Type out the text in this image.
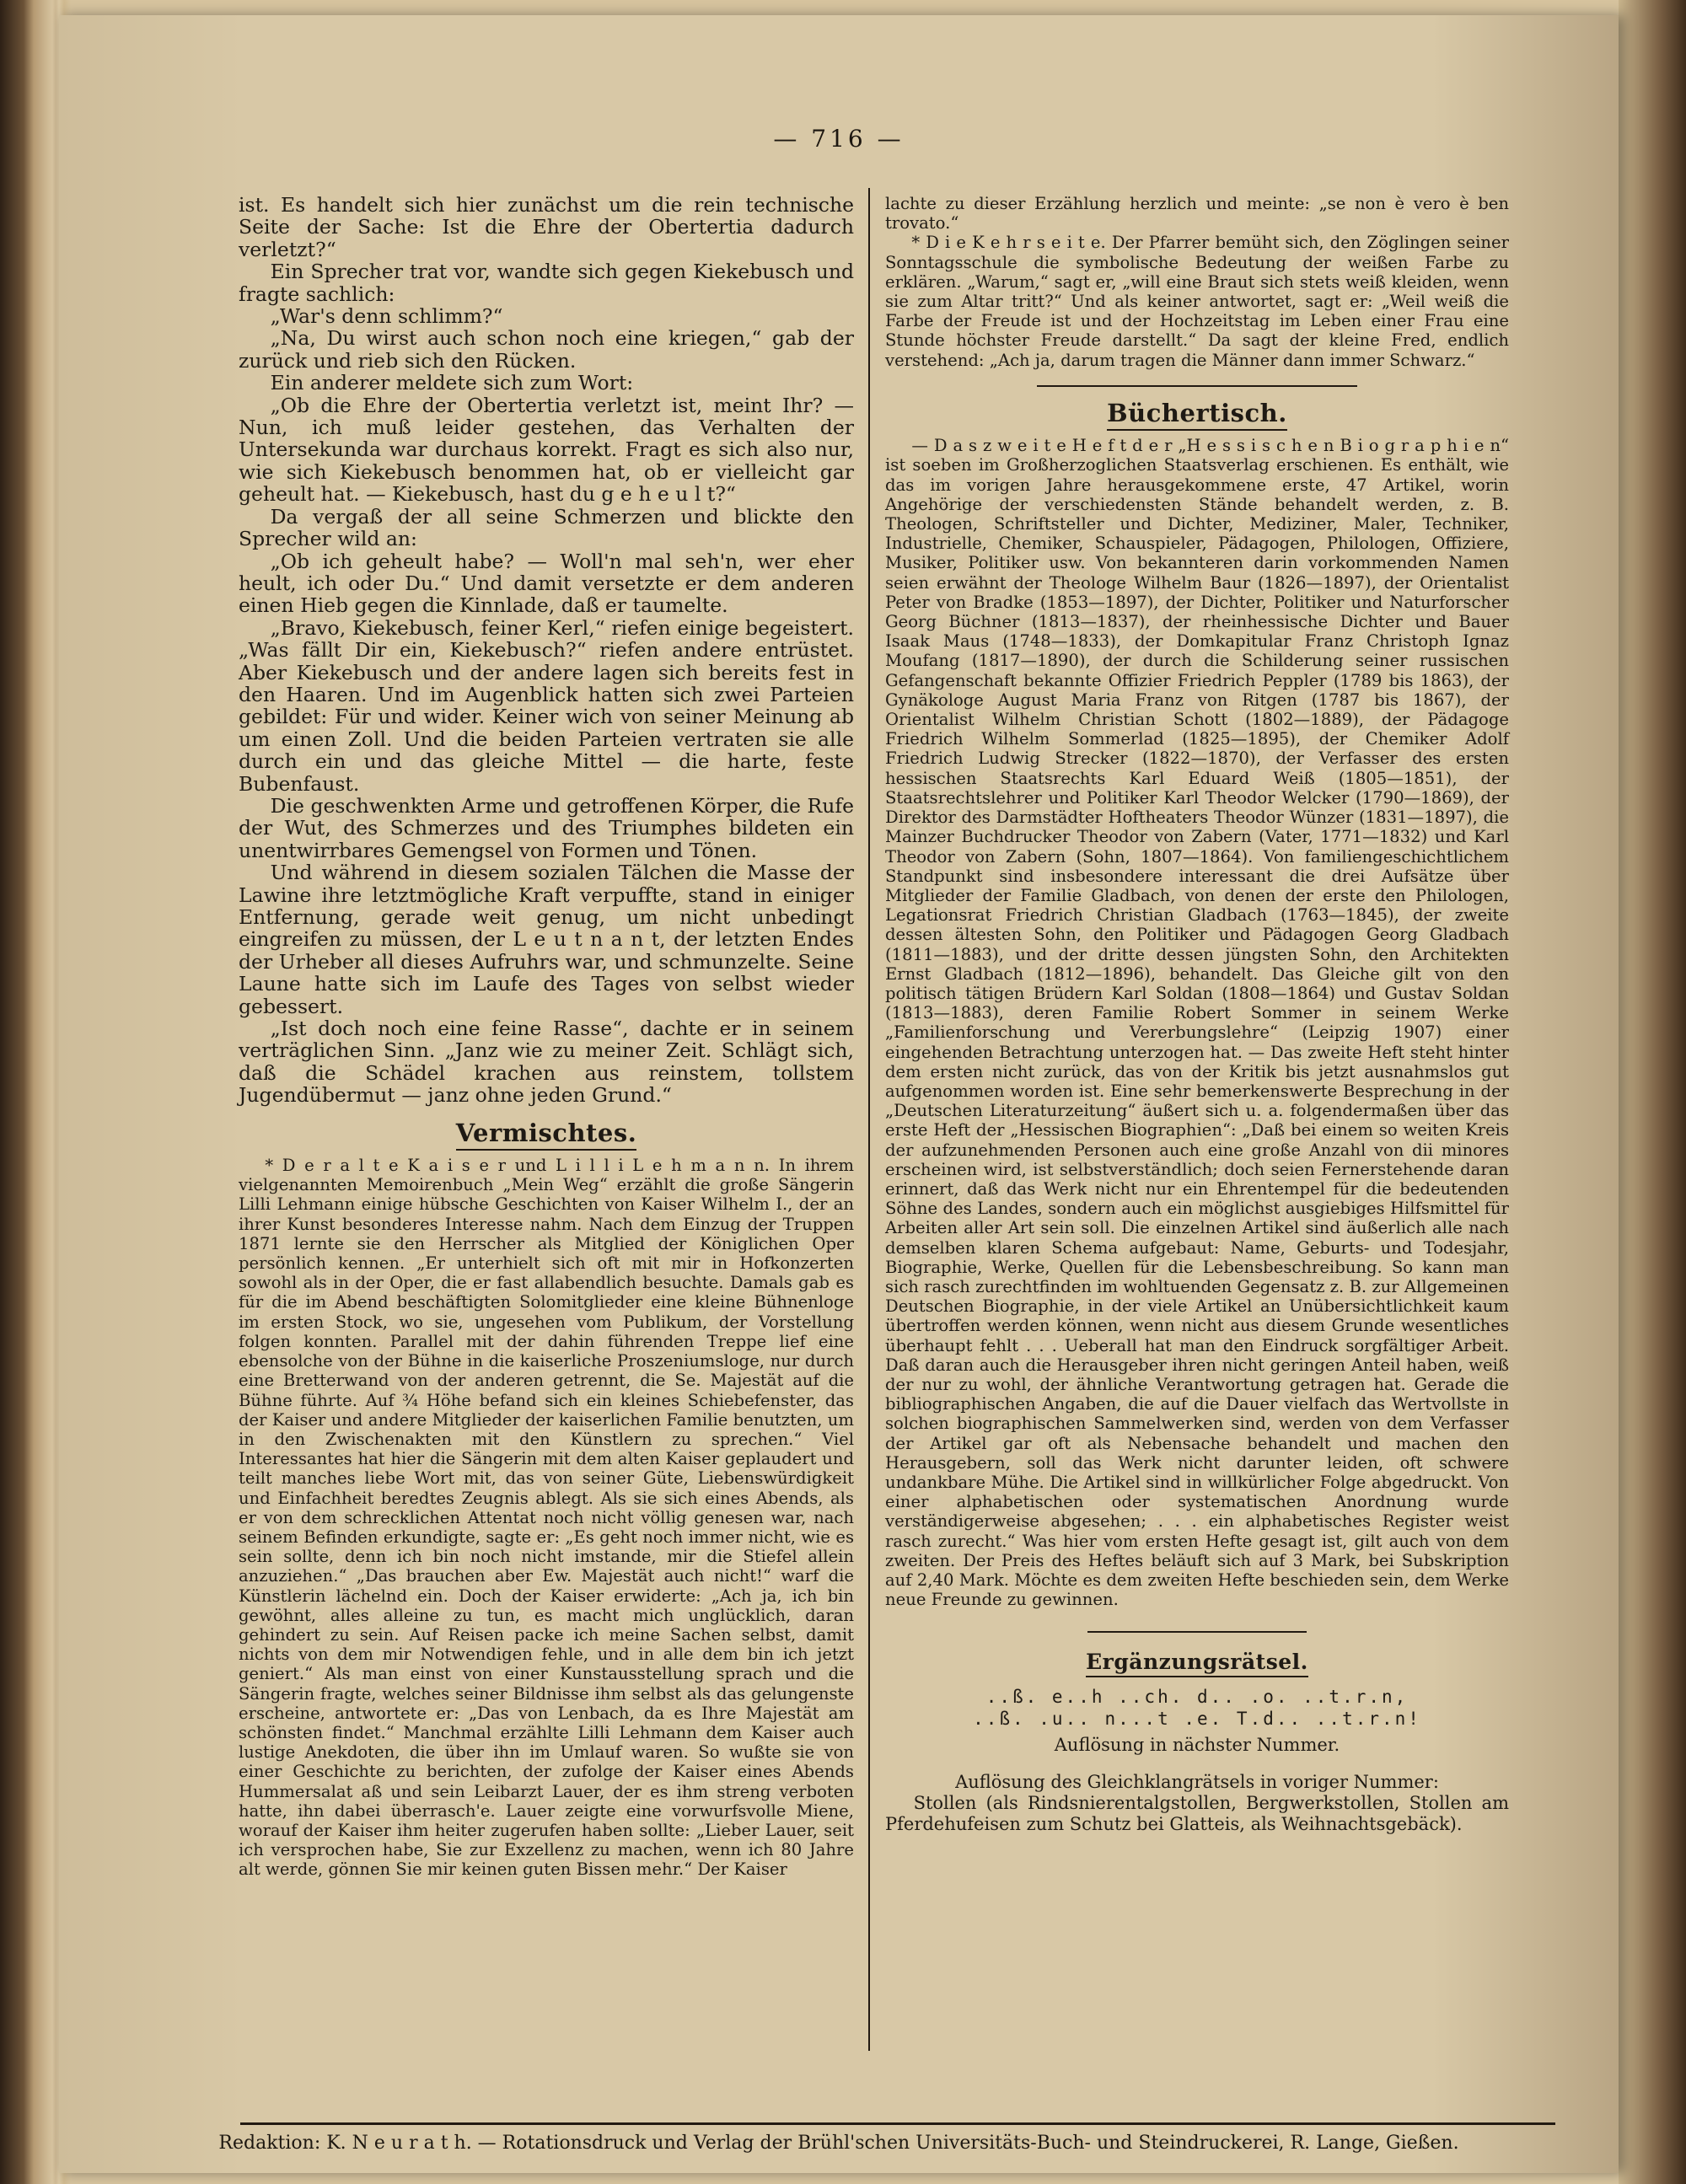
— 716 —

ist. Es handelt sich hier zunächst um die rein technische Seite der Sache: Ist die Ehre der Obertertia dadurch verletzt?“

Ein Sprecher trat vor, wandte sich gegen Kiekebusch und fragte sachlich:

„War's denn schlimm?“

„Na, Du wirst auch schon noch eine kriegen,“ gab der zurück und rieb sich den Rücken.

Ein anderer meldete sich zum Wort:

„Ob die Ehre der Obertertia verletzt ist, meint Ihr? — Nun, ich muß leider gestehen, das Verhalten der Untersekunda war durchaus korrekt. Fragt es sich also nur, wie sich Kiekebusch benommen hat, ob er vielleicht gar geheult hat. — Kiekebusch, hast du g e h e u l t?“

Da vergaß der all seine Schmerzen und blickte den Sprecher wild an:

„Ob ich geheult habe? — Woll'n mal seh'n, wer eher heult, ich oder Du.“ Und damit versetzte er dem anderen einen Hieb gegen die Kinnlade, daß er taumelte.

„Bravo, Kiekebusch, feiner Kerl,“ riefen einige begeistert. „Was fällt Dir ein, Kiekebusch?“ riefen andere entrüstet. Aber Kiekebusch und der andere lagen sich bereits fest in den Haaren. Und im Augenblick hatten sich zwei Parteien gebildet: Für und wider. Keiner wich von seiner Meinung ab um einen Zoll. Und die beiden Parteien vertraten sie alle durch ein und das gleiche Mittel — die harte, feste Bubenfaust.

Die geschwenkten Arme und getroffenen Körper, die Rufe der Wut, des Schmerzes und des Triumphes bildeten ein unentwirrbares Gemengsel von Formen und Tönen.

Und während in diesem sozialen Tälchen die Masse der Lawine ihre letztmögliche Kraft verpuffte, stand in einiger Entfernung, gerade weit genug, um nicht unbedingt eingreifen zu müssen, der L e u t n a n t, der letzten Endes der Urheber all dieses Aufruhrs war, und schmunzelte. Seine Laune hatte sich im Laufe des Tages von selbst wieder gebessert.

„Ist doch noch eine feine Rasse“, dachte er in seinem verträglichen Sinn. „Janz wie zu meiner Zeit. Schlägt sich, daß die Schädel krachen aus reinstem, tollstem Jugendübermut — janz ohne jeden Grund.“

Vermischtes.

* D e r a l t e K a i s e r und L i l l i L e h m a n n. In ihrem vielgenannten Memoirenbuch „Mein Weg“ erzählt die große Sängerin Lilli Lehmann einige hübsche Geschichten von Kaiser Wilhelm I., der an ihrer Kunst besonderes Interesse nahm. Nach dem Einzug der Truppen 1871 lernte sie den Herrscher als Mitglied der Königlichen Oper persönlich kennen. „Er unterhielt sich oft mit mir in Hofkonzerten sowohl als in der Oper, die er fast allabendlich besuchte. Damals gab es für die im Abend beschäftigten Solomitglieder eine kleine Bühnenloge im ersten Stock, wo sie, ungesehen vom Publikum, der Vorstellung folgen konnten. Parallel mit der dahin führenden Treppe lief eine ebensolche von der Bühne in die kaiserliche Proszeniumsloge, nur durch eine Bretterwand von der anderen getrennt, die Se. Majestät auf die Bühne führte. Auf ¾ Höhe befand sich ein kleines Schiebefenster, das der Kaiser und andere Mitglieder der kaiserlichen Familie benutzten, um in den Zwischenakten mit den Künstlern zu sprechen.“ Viel Interessantes hat hier die Sängerin mit dem alten Kaiser geplaudert und teilt manches liebe Wort mit, das von seiner Güte, Liebenswürdigkeit und Einfachheit beredtes Zeugnis ablegt. Als sie sich eines Abends, als er von dem schrecklichen Attentat noch nicht völlig genesen war, nach seinem Befinden erkundigte, sagte er: „Es geht noch immer nicht, wie es sein sollte, denn ich bin noch nicht imstande, mir die Stiefel allein anzuziehen.“ „Das brauchen aber Ew. Majestät auch nicht!“ warf die Künstlerin lächelnd ein. Doch der Kaiser erwiderte: „Ach ja, ich bin gewöhnt, alles alleine zu tun, es macht mich unglücklich, daran gehindert zu sein. Auf Reisen packe ich meine Sachen selbst, damit nichts von dem mir Notwendigen fehle, und in alle dem bin ich jetzt geniert.“ Als man einst von einer Kunstausstellung sprach und die Sängerin fragte, welches seiner Bildnisse ihm selbst als das gelungenste erscheine, antwortete er: „Das von Lenbach, da es Ihre Majestät am schönsten findet.“ Manchmal erzählte Lilli Lehmann dem Kaiser auch lustige Anekdoten, die über ihn im Umlauf waren. So wußte sie von einer Geschichte zu berichten, der zufolge der Kaiser eines Abends Hummersalat aß und sein Leibarzt Lauer, der es ihm streng verboten hatte, ihn dabei überrasch'e. Lauer zeigte eine vorwurfsvolle Miene, worauf der Kaiser ihm heiter zugerufen haben sollte: „Lieber Lauer, seit ich versprochen habe, Sie zur Exzellenz zu machen, wenn ich 80 Jahre alt werde, gönnen Sie mir keinen guten Bissen mehr.“ Der Kaiser

lachte zu dieser Erzählung herzlich und meinte: „se non è vero è ben trovato.“

* D i e K e h r s e i t e. Der Pfarrer bemüht sich, den Zöglingen seiner Sonntagsschule die symbolische Bedeutung der weißen Farbe zu erklären. „Warum,“ sagt er, „will eine Braut sich stets weiß kleiden, wenn sie zum Altar tritt?“ Und als keiner antwortet, sagt er: „Weil weiß die Farbe der Freude ist und der Hochzeitstag im Leben einer Frau eine Stunde höchster Freude darstellt.“ Da sagt der kleine Fred, endlich verstehend: „Ach ja, darum tragen die Männer dann immer Schwarz.“

Büchertisch.

— D a s z w e i t e H e f t d e r „H e s s i s c h e n B i o g r a p h i e n“ ist soeben im Großherzoglichen Staatsverlag erschienen. Es enthält, wie das im vorigen Jahre herausgekommene erste, 47 Artikel, worin Angehörige der verschiedensten Stände behandelt werden, z. B. Theologen, Schriftsteller und Dichter, Mediziner, Maler, Techniker, Industrielle, Chemiker, Schauspieler, Pädagogen, Philologen, Offiziere, Musiker, Politiker usw. Von bekannteren darin vorkommenden Namen seien erwähnt der Theologe Wilhelm Baur (1826—1897), der Orientalist Peter von Bradke (1853—1897), der Dichter, Politiker und Naturforscher Georg Büchner (1813—1837), der rheinhessische Dichter und Bauer Isaak Maus (1748—1833), der Domkapitular Franz Christoph Ignaz Moufang (1817—1890), der durch die Schilderung seiner russischen Gefangenschaft bekannte Offizier Friedrich Peppler (1789 bis 1863), der Gynäkologe August Maria Franz von Ritgen (1787 bis 1867), der Orientalist Wilhelm Christian Schott (1802—1889), der Pädagoge Friedrich Wilhelm Sommerlad (1825—1895), der Chemiker Adolf Friedrich Ludwig Strecker (1822—1870), der Verfasser des ersten hessischen Staatsrechts Karl Eduard Weiß (1805—1851), der Staatsrechtslehrer und Politiker Karl Theodor Welcker (1790—1869), der Direktor des Darmstädter Hoftheaters Theodor Wünzer (1831—1897), die Mainzer Buchdrucker Theodor von Zabern (Vater, 1771—1832) und Karl Theodor von Zabern (Sohn, 1807—1864). Von familiengeschichtlichem Standpunkt sind insbesondere interessant die drei Aufsätze über Mitglieder der Familie Gladbach, von denen der erste den Philologen, Legationsrat Friedrich Christian Gladbach (1763—1845), der zweite dessen ältesten Sohn, den Politiker und Pädagogen Georg Gladbach (1811—1883), und der dritte dessen jüngsten Sohn, den Architekten Ernst Gladbach (1812—1896), behandelt. Das Gleiche gilt von den politisch tätigen Brüdern Karl Soldan (1808—1864) und Gustav Soldan (1813—1883), deren Familie Robert Sommer in seinem Werke „Familienforschung und Vererbungslehre“ (Leipzig 1907) einer eingehenden Betrachtung unterzogen hat. — Das zweite Heft steht hinter dem ersten nicht zurück, das von der Kritik bis jetzt ausnahmslos gut aufgenommen worden ist. Eine sehr bemerkenswerte Besprechung in der „Deutschen Literaturzeitung“ äußert sich u. a. folgendermaßen über das erste Heft der „Hessischen Biographien“: „Daß bei einem so weiten Kreis der aufzunehmenden Personen auch eine große Anzahl von dii minores erscheinen wird, ist selbstverständlich; doch seien Fernerstehende daran erinnert, daß das Werk nicht nur ein Ehrentempel für die bedeutenden Söhne des Landes, sondern auch ein möglichst ausgiebiges Hilfsmittel für Arbeiten aller Art sein soll. Die einzelnen Artikel sind äußerlich alle nach demselben klaren Schema aufgebaut: Name, Geburts- und Todesjahr, Biographie, Werke, Quellen für die Lebensbeschreibung. So kann man sich rasch zurechtfinden im wohltuenden Gegensatz z. B. zur Allgemeinen Deutschen Biographie, in der viele Artikel an Unübersichtlichkeit kaum übertroffen werden können, wenn nicht aus diesem Grunde wesentliches überhaupt fehlt . . . Ueberall hat man den Eindruck sorgfältiger Arbeit. Daß daran auch die Herausgeber ihren nicht geringen Anteil haben, weiß der nur zu wohl, der ähnliche Verantwortung getragen hat. Gerade die bibliographischen Angaben, die auf die Dauer vielfach das Wertvollste in solchen biographischen Sammelwerken sind, werden von dem Verfasser der Artikel gar oft als Nebensache behandelt und machen den Herausgebern, soll das Werk nicht darunter leiden, oft schwere undankbare Mühe. Die Artikel sind in willkürlicher Folge abgedruckt. Von einer alphabetischen oder systematischen Anordnung wurde verständigerweise abgesehen; . . . ein alphabetisches Register weist rasch zurecht.“ Was hier vom ersten Hefte gesagt ist, gilt auch von dem zweiten. Der Preis des Heftes beläuft sich auf 3 Mark, bei Subskription auf 2,40 Mark. Möchte es dem zweiten Hefte beschieden sein, dem Werke neue Freunde zu gewinnen.

Ergänzungsrätsel.

..ß. e..h ..ch. d.. .o. ..t.r.n,

..ß. .u.. n...t .e. T.d.. ..t.r.n!

Auflösung in nächster Nummer.

Auflösung des Gleichklangrätsels in voriger Nummer:

Stollen (als Rindsnierentalgstollen, Bergwerkstollen, Stollen am Pferdehufeisen zum Schutz bei Glatteis, als Weihnachtsgebäck).

Redaktion: K. N e u r a t h. — Rotationsdruck und Verlag der Brühl'schen Universitäts-Buch- und Steindruckerei, R. Lange, Gießen.
